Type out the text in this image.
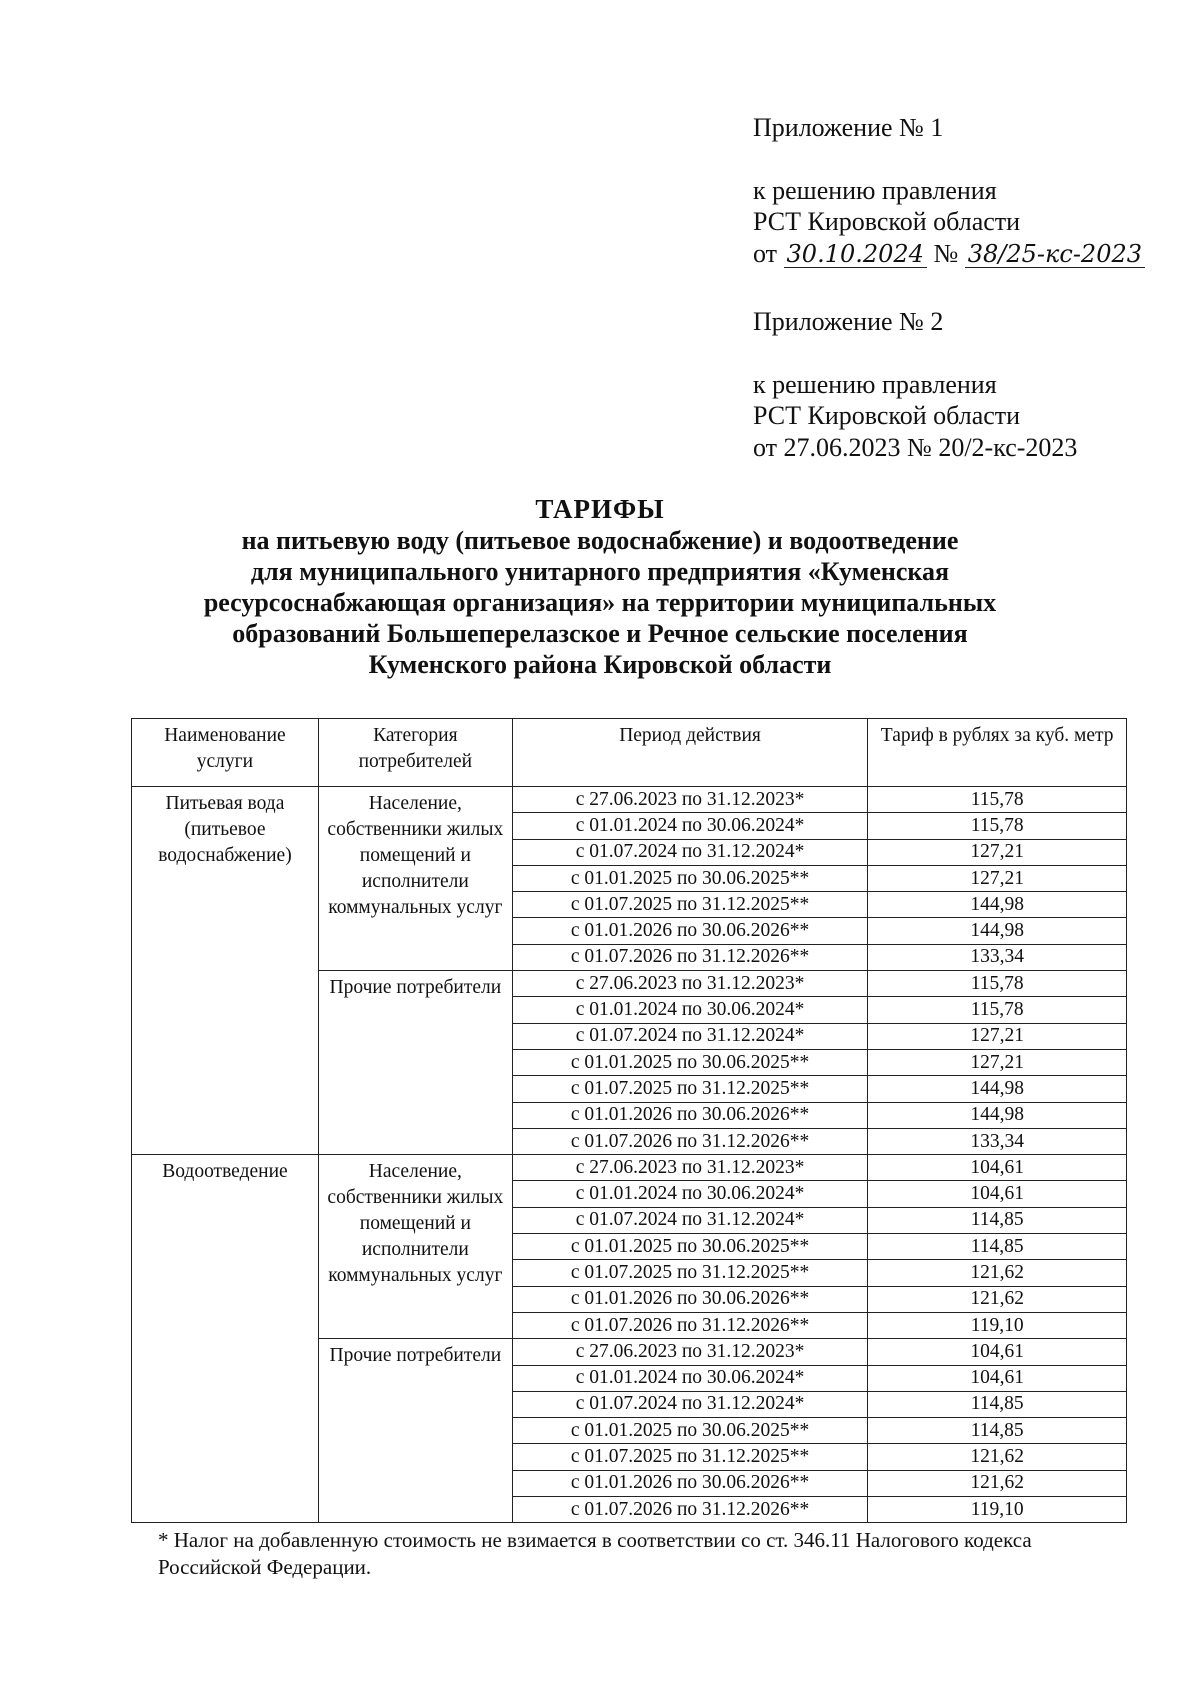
Приложение № 1

к решению правления

РСТ Кировской области

от 30.10.2024 № 38/25-кс-2023

Приложение № 2

к решению правления

РСТ Кировской области

от 27.06.2023 № 20/2-кс-2023

ТАРИФЫ
на питьевую воду (питьевое водоснабжение) и водоотведение
для муниципального унитарного предприятия «Куменская
ресурсоснабжающая организация» на территории муниципальных
образований Большеперелазское и Речное сельские поселения
Куменского района Кировской области
Наименование услуги	Категория потребителей	Период действия	Тариф в рублях за куб. метр
Питьевая вода (питьевое водоснабжение)	Население, собственники жилых помещений и исполнители коммунальных услуг	с 27.06.2023 по 31.12.2023*	115,78
		с 01.01.2024 по 30.06.2024*	115,78
		с 01.07.2024 по 31.12.2024*	127,21
		с 01.01.2025 по 30.06.2025**	127,21
		с 01.07.2025 по 31.12.2025**	144,98
		с 01.01.2026 по 30.06.2026**	144,98
		с 01.07.2026 по 31.12.2026**	133,34
	Прочие потребители	с 27.06.2023 по 31.12.2023*	115,78
		с 01.01.2024 по 30.06.2024*	115,78
		с 01.07.2024 по 31.12.2024*	127,21
		с 01.01.2025 по 30.06.2025**	127,21
		с 01.07.2025 по 31.12.2025**	144,98
		с 01.01.2026 по 30.06.2026**	144,98
		с 01.07.2026 по 31.12.2026**	133,34
Водоотведение	Население, собственники жилых помещений и исполнители коммунальных услуг	с 27.06.2023 по 31.12.2023*	104,61
		с 01.01.2024 по 30.06.2024*	104,61
		с 01.07.2024 по 31.12.2024*	114,85
		с 01.01.2025 по 30.06.2025**	114,85
		с 01.07.2025 по 31.12.2025**	121,62
		с 01.01.2026 по 30.06.2026**	121,62
		с 01.07.2026 по 31.12.2026**	119,10
	Прочие потребители	с 27.06.2023 по 31.12.2023*	104,61
		с 01.01.2024 по 30.06.2024*	104,61
		с 01.07.2024 по 31.12.2024*	114,85
		с 01.01.2025 по 30.06.2025**	114,85
		с 01.07.2025 по 31.12.2025**	121,62
		с 01.01.2026 по 30.06.2026**	121,62
		с 01.07.2026 по 31.12.2026**	119,10
* Налог на добавленную стоимость не взимается в соответствии со ст. 346.11 Налогового кодекса Российской Федерации.
